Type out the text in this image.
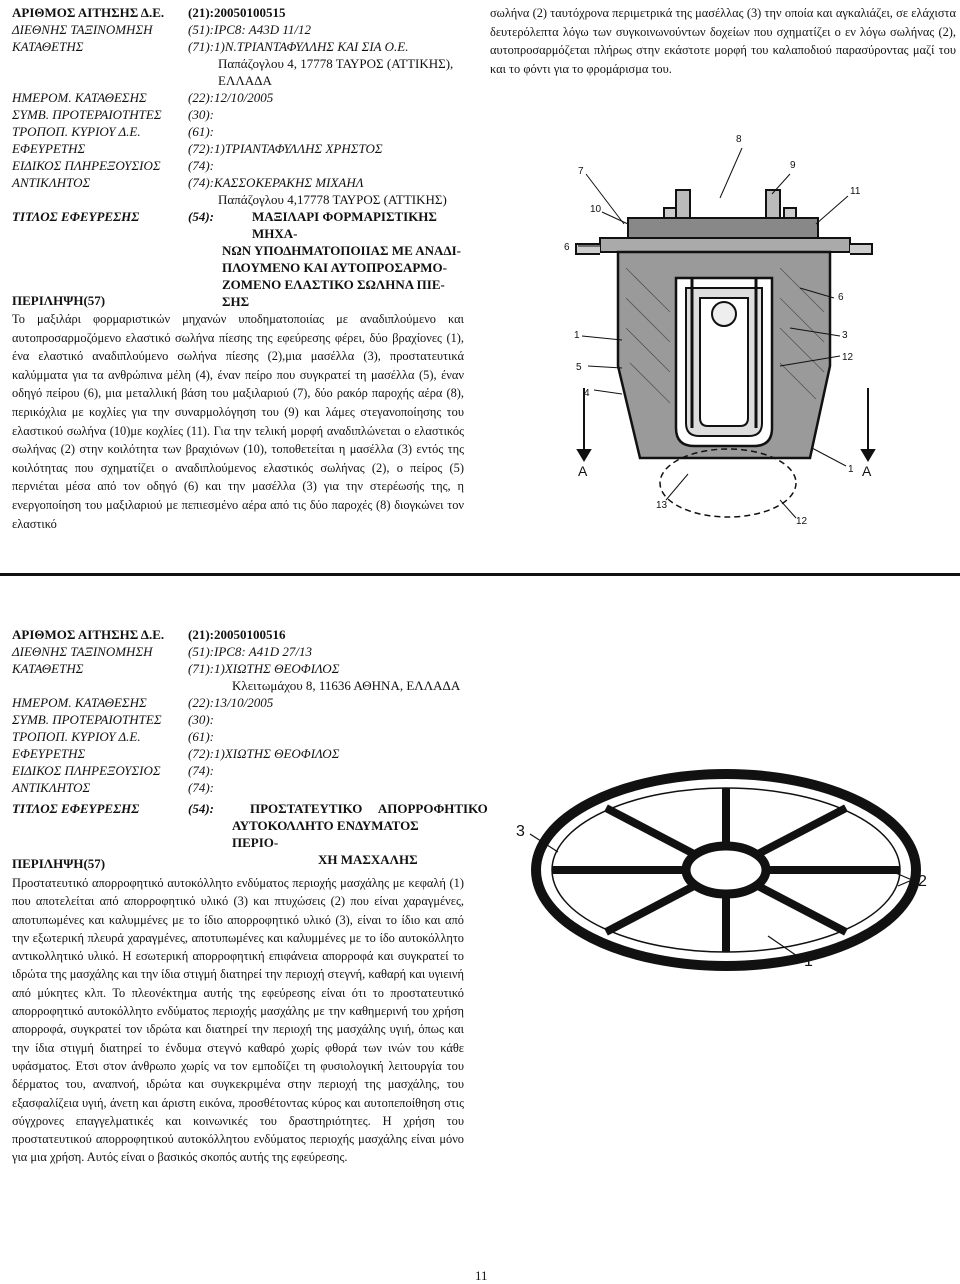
ΑΡΙΘΜΟΣ ΑΙΤΗΣΗΣ Δ.Ε. (21):20050100515
ΔΙΕΘΝΗΣ ΤΑΞΙΝΟΜΗΣΗ	(51):IPC8: A43D 11/12
ΚΑΤΑΘΕΤΗΣ	(71):1)Ν.ΤΡΙΑΝΤΑΦΥΛΛΗΣ ΚΑΙ ΣΙΑ Ο.Ε.
Παπάζογλου 4, 17778 ΤΑΥΡΟΣ (ΑΤΤΙΚΗΣ),
ΕΛΛΑΔΑ
ΗΜΕΡΟΜ. ΚΑΤΑΘΕΣΗΣ	(22):12/10/2005
ΣΥΜΒ. ΠΡΟΤΕΡΑΙΟΤΗΤΕΣ (30):
ΤΡΟΠΟΠ. ΚΥΡΙΟΥ Δ.Ε.	(61):
ΕΦΕΥΡΕΤΗΣ	(72):1)ΤΡΙΑΝΤΑΦΥΛΛΗΣ ΧΡΗΣΤΟΣ
ΕΙΔΙΚΟΣ ΠΛΗΡΕΞΟΥΣΙΟΣ (74):
ΑΝΤΙΚΛΗΤΟΣ	(74):ΚΑΣΣΟΚΕΡΑΚΗΣ ΜΙΧΑΗΛ
Παπάζογλου 4,17778 ΤΑΥΡΟΣ (ΑΤΤΙΚΗΣ)
ΤΙΤΛΟΣ ΕΦΕΥΡΕΣΗΣ	(54):	ΜΑΞΙΛΑΡΙ ΦΟΡΜΑΡΙΣΤΙΚΗΣ ΜΗΧΑ-
ΝΩΝ ΥΠΟΔΗΜΑΤΟΠΟΙΙΑΣ ΜΕ ΑΝΑΔΙ-
ΠΛΟΥΜΕΝΟ ΚΑΙ ΑΥΤΟΠΡΟΣΑΡΜΟ-
ΖΟΜΕΝΟ ΕΛΑΣΤΙΚΟ ΣΩΛΗΝΑ ΠΙΕ-
ΣΗΣ
ΠΕΡΙΛΗΨΗ(57)
Το μαξιλάρι φορμαριστικών μηχανών υποδηματοποιίας με αναδιπλούμενο και αυτοπροσαρμοζόμενο ελαστικό σωλήνα πίεσης της εφεύρεσης φέρει, δύο βραχίονες (1), ένα ελαστικό αναδιπλούμενο σωλήνα πίεσης (2),μια μασέλλα (3), προστατευτικά καλύμματα για τα ανθρώπινα μέλη (4), έναν πείρο που συγκρατεί τη μασέλλα (5), έναν οδηγό πείρου (6), μια μεταλλική βάση του μαξιλαριού (7), δύο ρακόρ παροχής αέρα (8), περικόχλια με κοχλίες για την συναρμολόγηση του (9) και λάμες στεγανοποίησης του ελαστικού σωλήνα (10)με κοχλίες (11). Για την τελική μορφή αναδιπλώνεται ο ελαστικός σωλήνας (2) στην κοιλότητα των βραχιόνων (10), τοποθετείται η μασέλλα (3) εντός της κοιλότητας που σχηματίζει ο αναδιπλούμενος ελαστικός σωλήνας (2), ο πείρος (5) περνιέται μέσα από τον οδηγό (6) και την μασέλλα (3) για την στερέωσής της, η ενεργοποίηση του μαξιλαριού με πεπιεσμένο αέρα από τις δύο παροχές (8) διογκώνει τον ελαστικό
σωλήνα (2) ταυτόχρονα περιμετρικά της μασέλλας (3) την οποία και αγκαλιάζει, σε ελάχιστα δευτερόλεπτα λόγω των συγκοινωνούντων δοχείων που σχηματίζει ο εν λόγω σωλήνας (2), αυτοπροσαρμόζεται πλήρως στην εκάστοτε μορφή του καλαποδιού παρασύροντας μαζί του και το φόντι για το φρομάρισμα του.
8
9
7
10
11
6
6
1	3
12
5
4
A	A
1
13
12
ΑΡΙΘΜΟΣ ΑΙΤΗΣΗΣ Δ.Ε. (21):20050100516
ΔΙΕΘΝΗΣ ΤΑΞΙΝΟΜΗΣΗ	(51):IPC8: A41D 27/13
ΚΑΤΑΘΕΤΗΣ	(71):1)ΧΙΩΤΗΣ ΘΕΟΦΙΛΟΣ
Κλειτωμάχου 8, 11636 ΑΘΗΝΑ, ΕΛΛΑΔΑ
ΗΜΕΡΟΜ. ΚΑΤΑΘΕΣΗΣ	(22):13/10/2005
ΣΥΜΒ. ΠΡΟΤΕΡΑΙΟΤΗΤΕΣ (30):
ΤΡΟΠΟΠ. ΚΥΡΙΟΥ Δ.Ε.	(61):
ΕΦΕΥΡΕΤΗΣ	(72):1)ΧΙΩΤΗΣ ΘΕΟΦΙΛΟΣ
ΕΙΔΙΚΟΣ ΠΛΗΡΕΞΟΥΣΙΟΣ (74):
ΑΝΤΙΚΛΗΤΟΣ	(74):
ΤΙΤΛΟΣ ΕΦΕΥΡΕΣΗΣ	(54):	ΠΡΟΣΤΑΤΕΥΤΙΚΟ     ΑΠΟΡΡΟΦΗΤΙΚΟ
ΑΥΤΟΚΟΛΛΗΤΟ ΕΝΔΥΜΑΤΟΣ ΠΕΡΙΟ-
ΧΗ ΜΑΣΧΑΛΗΣ
ΠΕΡΙΛΗΨΗ(57)
Προστατευτικό απορροφητικό αυτοκόλλητο ενδύματος περιοχής μασχάλης με κεφαλή (1) που αποτελείται από απορροφητικό υλικό (3) και πτυχώσεις (2) που είναι χαραγμένες, αποτυπωμένες και καλυμμένες με το ίδιο απορροφητικό υλικό (3), είναι το ίδιο και από την εξωτερική πλευρά χαραγμένες, αποτυπωμένες και καλυμμένες με το ίδο αυτοκόλλητο αντικολλητικό υλικό. Η εσωτερική απορροφητική επιφάνεια απορροφά και συγκρατεί το ιδρώτα της μασχάλης και την ίδια στιγμή διατηρεί την περιοχή στεγνή, καθαρή και υγιεινή από μύκητες κλπ. Το πλεονέκτημα αυτής της εφεύρεσης είναι ότι το προστατευτικό απορροφητικό αυτοκόλλητο ενδύματος περιοχής μασχάλης με την καθημερινή του χρήση απορροφά, συγκρατεί τον ιδρώτα και διατηρεί την περιοχή της μασχάλης υγιή, όπως και την ίδια στιγμή διατηρεί το ένδυμα στεγνό καθαρό χωρίς φθορά των ινών του κάθε υφάσματος. Ετσι στον άνθρωπο χωρίς να τον εμποδίζει τη φυσιολογική λειτουργία του δέρματος του, αναπνοή, ιδρώτα και συγκεκριμένα στην περιοχή της μασχάλης, του εξασφαλίζεια υγιή, άνετη και άριστη εικόνα, προσθέτοντας κύρος και αυτοπεποίθηση στις σύγχρονες επαγγελματικές και κοινωνικές του δραστηριότητες. Η χρήση του προστατευτικού απορροφητικού αυτοκόλλητου ενδύματος περιοχής μασχάλης είναι μόνο για μια χρήση. Αυτός είναι ο βασικός σκοπός αυτής της εφεύρεσης.
3
2
1
11
